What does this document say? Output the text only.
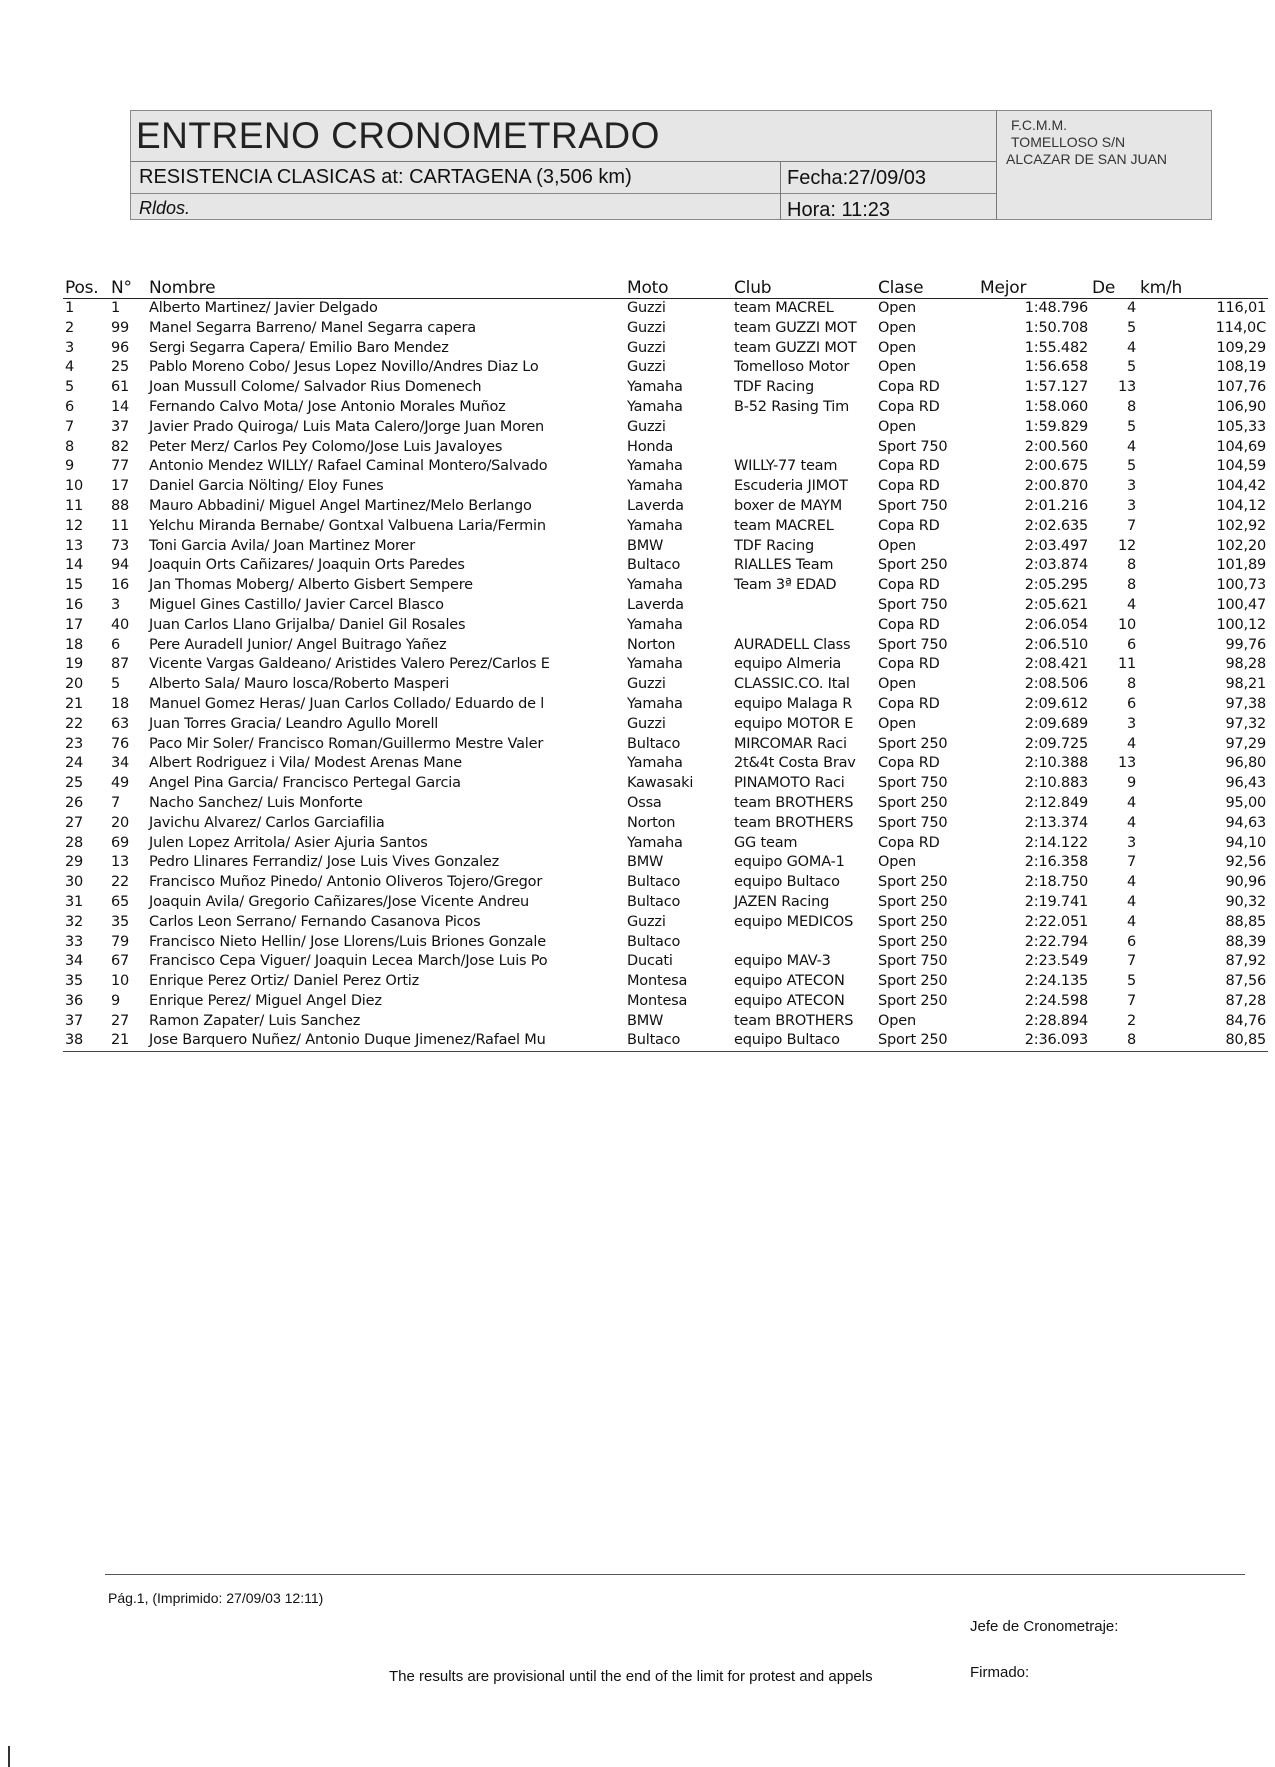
ENTRENO CRONOMETRADO
RESISTENCIA CLASICAS at: CARTAGENA (3,506 km)
Rldos.
Fecha:27/09/03
Hora: 11:23
F.C.M.M.
TOMELLOSO S/N
ALCAZAR DE SAN JUAN
Pos.	N°	Nombre	Moto	Club	Clase	Mejor	De	km/h
1	1	Alberto Martinez/ Javier Delgado	Guzzi	team MACREL	Open	1:48.796	4	116,01
2	99	Manel Segarra Barreno/ Manel Segarra capera	Guzzi	team GUZZI MOT	Open	1:50.708	5	114,0C
3	96	Sergi Segarra Capera/ Emilio Baro Mendez	Guzzi	team GUZZI MOT	Open	1:55.482	4	109,29
4	25	Pablo Moreno Cobo/ Jesus Lopez Novillo/Andres Diaz Lo	Guzzi	Tomelloso Motor	Open	1:56.658	5	108,19
5	61	Joan Mussull Colome/ Salvador Rius Domenech	Yamaha	TDF Racing	Copa RD	1:57.127	13	107,76
6	14	Fernando Calvo Mota/ Jose Antonio Morales Muñoz	Yamaha	B-52 Rasing Tim	Copa RD	1:58.060	8	106,90
7	37	Javier Prado Quiroga/ Luis Mata Calero/Jorge Juan Moren	Guzzi		Open	1:59.829	5	105,33
8	82	Peter Merz/ Carlos Pey Colomo/Jose Luis Javaloyes	Honda		Sport 750	2:00.560	4	104,69
9	77	Antonio Mendez WILLY/ Rafael Caminal Montero/Salvado	Yamaha	WILLY-77 team	Copa RD	2:00.675	5	104,59
10	17	Daniel Garcia Nölting/ Eloy Funes	Yamaha	Escuderia JIMOT	Copa RD	2:00.870	3	104,42
11	88	Mauro Abbadini/ Miguel Angel Martinez/Melo Berlango	Laverda	boxer de MAYM	Sport 750	2:01.216	3	104,12
12	11	Yelchu Miranda Bernabe/ Gontxal Valbuena Laria/Fermin	Yamaha	team MACREL	Copa RD	2:02.635	7	102,92
13	73	Toni Garcia Avila/ Joan Martinez Morer	BMW	TDF Racing	Open	2:03.497	12	102,20
14	94	Joaquin Orts Cañizares/ Joaquin Orts Paredes	Bultaco	RIALLES Team	Sport 250	2:03.874	8	101,89
15	16	Jan Thomas Moberg/ Alberto Gisbert Sempere	Yamaha	Team 3ª EDAD	Copa RD	2:05.295	8	100,73
16	3	Miguel Gines Castillo/ Javier Carcel Blasco	Laverda		Sport 750	2:05.621	4	100,47
17	40	Juan Carlos Llano Grijalba/ Daniel Gil Rosales	Yamaha		Copa RD	2:06.054	10	100,12
18	6	Pere Auradell Junior/ Angel Buitrago Yañez	Norton	AURADELL Class	Sport 750	2:06.510	6	99,76
19	87	Vicente Vargas Galdeano/ Aristides Valero Perez/Carlos E	Yamaha	equipo Almeria	Copa RD	2:08.421	11	98,28
20	5	Alberto Sala/ Mauro losca/Roberto Masperi	Guzzi	CLASSIC.CO. Ital	Open	2:08.506	8	98,21
21	18	Manuel Gomez Heras/ Juan Carlos Collado/ Eduardo de l	Yamaha	equipo Malaga R	Copa RD	2:09.612	6	97,38
22	63	Juan Torres Gracia/ Leandro Agullo Morell	Guzzi	equipo MOTOR E	Open	2:09.689	3	97,32
23	76	Paco Mir Soler/ Francisco Roman/Guillermo Mestre Valer	Bultaco	MIRCOMAR Raci	Sport 250	2:09.725	4	97,29
24	34	Albert Rodriguez i Vila/ Modest Arenas Mane	Yamaha	2t&4t Costa Brav	Copa RD	2:10.388	13	96,80
25	49	Angel Pina Garcia/ Francisco Pertegal Garcia	Kawasaki	PINAMOTO Raci	Sport 750	2:10.883	9	96,43
26	7	Nacho Sanchez/ Luis Monforte	Ossa	team BROTHERS	Sport 250	2:12.849	4	95,00
27	20	Javichu Alvarez/ Carlos Garciafilia	Norton	team BROTHERS	Sport 750	2:13.374	4	94,63
28	69	Julen Lopez Arritola/ Asier Ajuria Santos	Yamaha	GG team	Copa RD	2:14.122	3	94,10
29	13	Pedro Llinares Ferrandiz/ Jose Luis Vives Gonzalez	BMW	equipo GOMA-1	Open	2:16.358	7	92,56
30	22	Francisco Muñoz Pinedo/ Antonio Oliveros Tojero/Gregor	Bultaco	equipo Bultaco	Sport 250	2:18.750	4	90,96
31	65	Joaquin Avila/ Gregorio Cañizares/Jose Vicente Andreu	Bultaco	JAZEN Racing	Sport 250	2:19.741	4	90,32
32	35	Carlos Leon Serrano/ Fernando Casanova Picos	Guzzi	equipo MEDICOS	Sport 250	2:22.051	4	88,85
33	79	Francisco Nieto Hellin/ Jose Llorens/Luis Briones Gonzale	Bultaco		Sport 250	2:22.794	6	88,39
34	67	Francisco Cepa Viguer/ Joaquin Lecea March/Jose Luis Po	Ducati	equipo MAV-3	Sport 750	2:23.549	7	87,92
35	10	Enrique Perez Ortiz/ Daniel Perez Ortiz	Montesa	equipo ATECON	Sport 250	2:24.135	5	87,56
36	9	Enrique Perez/ Miguel Angel Diez	Montesa	equipo ATECON	Sport 250	2:24.598	7	87,28
37	27	Ramon Zapater/ Luis Sanchez	BMW	team BROTHERS	Open	2:28.894	2	84,76
38	21	Jose Barquero Nuñez/ Antonio Duque Jimenez/Rafael Mu	Bultaco	equipo Bultaco	Sport 250	2:36.093	8	80,85
Pág.1, (Imprimido: 27/09/03 12:11)
Jefe de Cronometraje:
The results are provisional until the end of the limit for protest and appels	Firmado:
